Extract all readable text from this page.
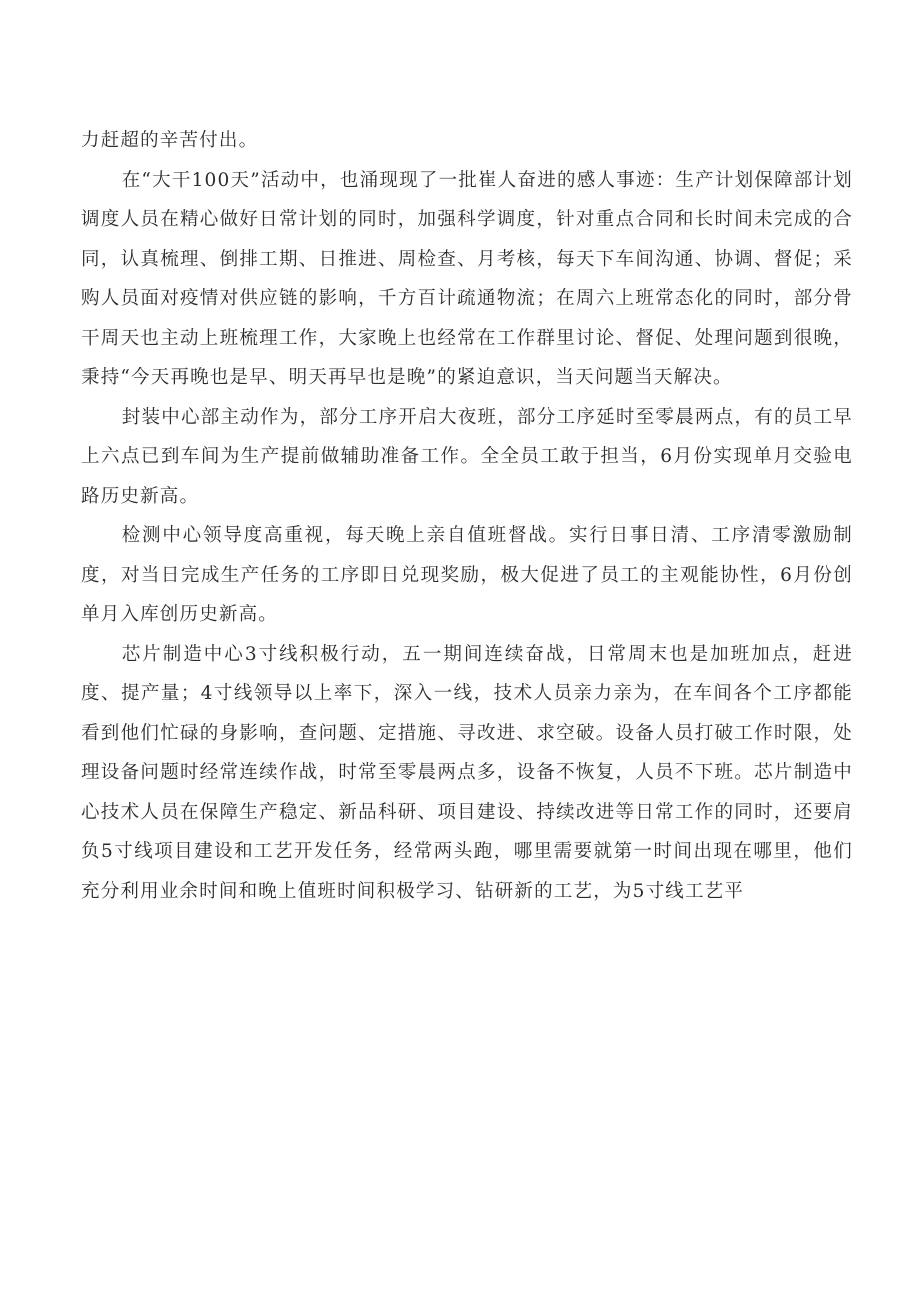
力赶超的辛苦付出。

在“大干100天”活动中，也涌现现了一批崔人奋进的感人事迹：生产计划保障部计划调度人员在精心做好日常计划的同时，加强科学调度，针对重点合同和长时间未完成的合同，认真梳理、倒排工期、日推进、周检查、月考核，每天下车间沟通、协调、督促；采购人员面对疫情对供应链的影响，千方百计疏通物流；在周六上班常态化的同时，部分骨干周天也主动上班梳理工作，大家晚上也经常在工作群里讨论、督促、处理问题到很晚，秉持“今天再晚也是早、明天再早也是晚”的紧迫意识，当天问题当天解决。

封装中心部主动作为，部分工序开启大夜班，部分工序延时至零晨两点，有的员工早上六点已到车间为生产提前做辅助准备工作。全全员工敢于担当，6月份实现单月交验电路历史新高。

检测中心领导度高重视，每天晚上亲自值班督战。实行日事日清、工序清零激励制度，对当日完成生产任务的工序即日兑现奖励，极大促进了员工的主观能协性，6月份创单月入库创历史新高。

芯片制造中心3寸线积极行动，五一期间连续奋战，日常周末也是加班加点，赶进度、提产量；4寸线领导以上率下，深入一线，技术人员亲力亲为，在车间各个工序都能看到他们忙碌的身影响，查问题、定措施、寻改进、求空破。设备人员打破工作时限，处理设备问题时经常连续作战，时常至零晨两点多，设备不恢复，人员不下班。芯片制造中心技术人员在保障生产稳定、新品科研、项目建设、持续改进等日常工作的同时，还要肩负5寸线项目建设和工艺开发任务，经常两头跑，哪里需要就第一时间出现在哪里，他们充分利用业余时间和晚上值班时间积极学习、钻研新的工艺，为5寸线工艺平
